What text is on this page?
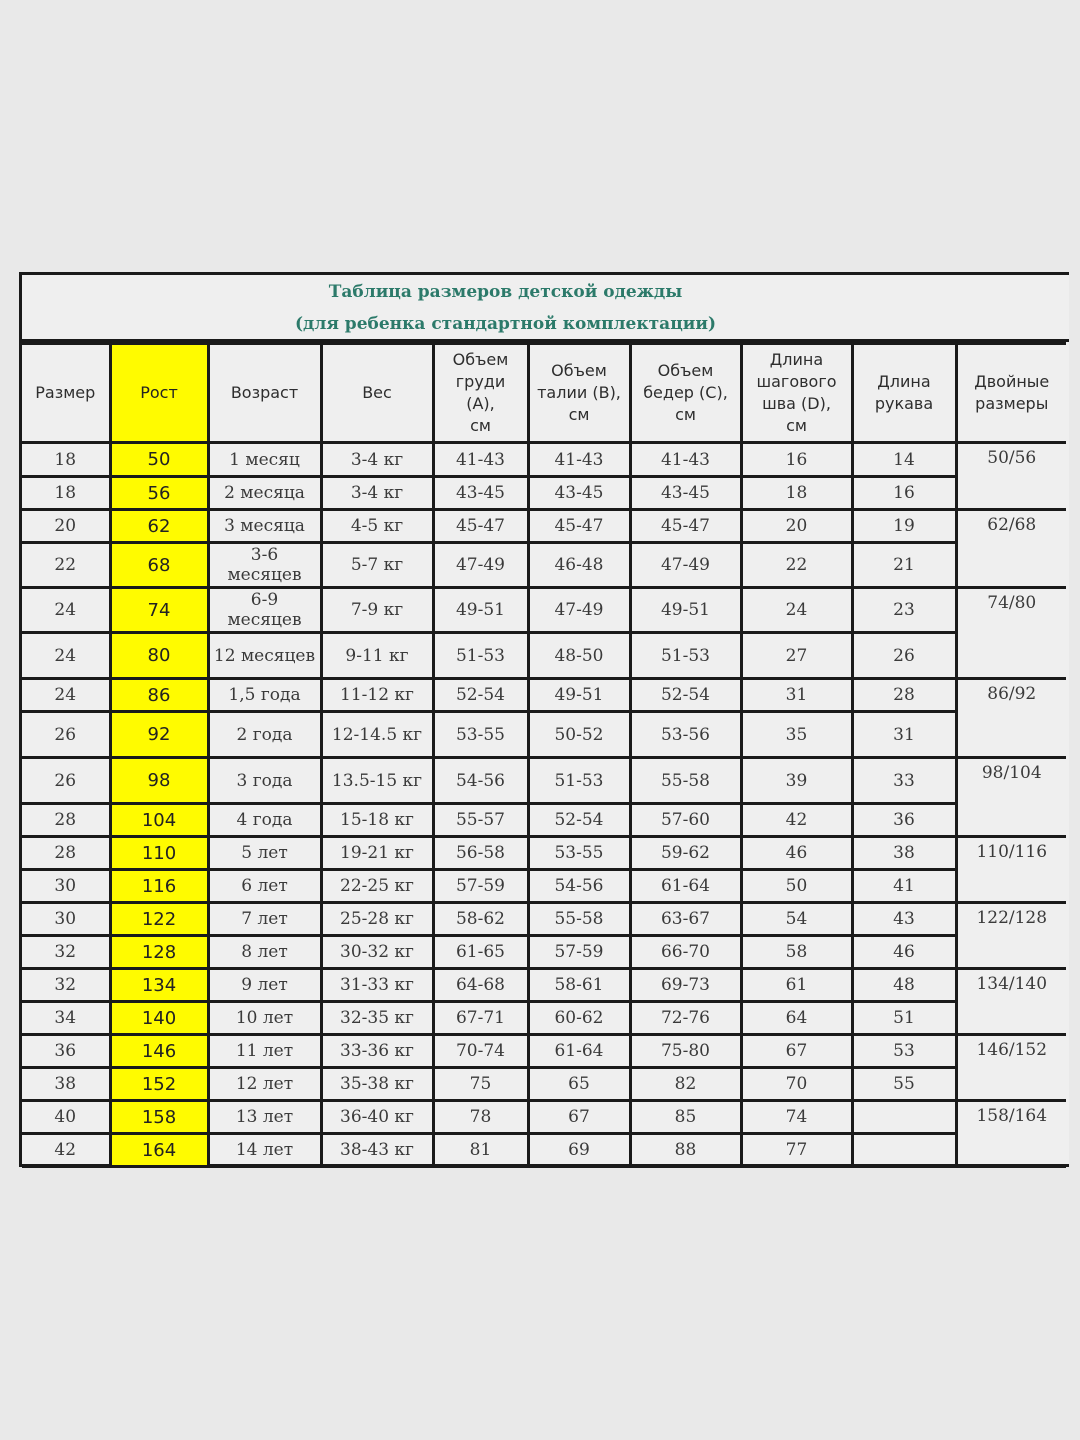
Таблица размеров детской одежды
(для ребенка стандартной комплектации)
Размер	Рост	Возраст	Вес	Объем
груди
(А),
см	Объем
талии (В),
см	Объем
бедер (С),
см	Длина
шагового
шва (D),
см	Длина
рукава	Двойные
размеры
18	50	1 месяц	3-4 кг	41-43	41-43	41-43	16	14	50/56
18	56	2 месяца	3-4 кг	43-45	43-45	43-45	18	16	
20	62	3 месяца	4-5 кг	45-47	45-47	45-47	20	19	62/68
22	68	3-6
месяцев	5-7 кг	47-49	46-48	47-49	22	21	
24	74	6-9
месяцев	7-9 кг	49-51	47-49	49-51	24	23	74/80
24	80	12 месяцев	9-11 кг	51-53	48-50	51-53	27	26	
24	86	1,5 года	11-12 кг	52-54	49-51	52-54	31	28	86/92
26	92	2 года	12-14.5 кг	53-55	50-52	53-56	35	31	
26	98	3 года	13.5-15 кг	54-56	51-53	55-58	39	33	98/104
28	104	4 года	15-18 кг	55-57	52-54	57-60	42	36	
28	110	5 лет	19-21 кг	56-58	53-55	59-62	46	38	110/116
30	116	6 лет	22-25 кг	57-59	54-56	61-64	50	41	
30	122	7 лет	25-28 кг	58-62	55-58	63-67	54	43	122/128
32	128	8 лет	30-32 кг	61-65	57-59	66-70	58	46	
32	134	9 лет	31-33 кг	64-68	58-61	69-73	61	48	134/140
34	140	10 лет	32-35 кг	67-71	60-62	72-76	64	51	
36	146	11 лет	33-36 кг	70-74	61-64	75-80	67	53	146/152
38	152	12 лет	35-38 кг	75	65	82	70	55	
40	158	13 лет	36-40 кг	78	67	85	74		158/164
42	164	14 лет	38-43 кг	81	69	88	77		
